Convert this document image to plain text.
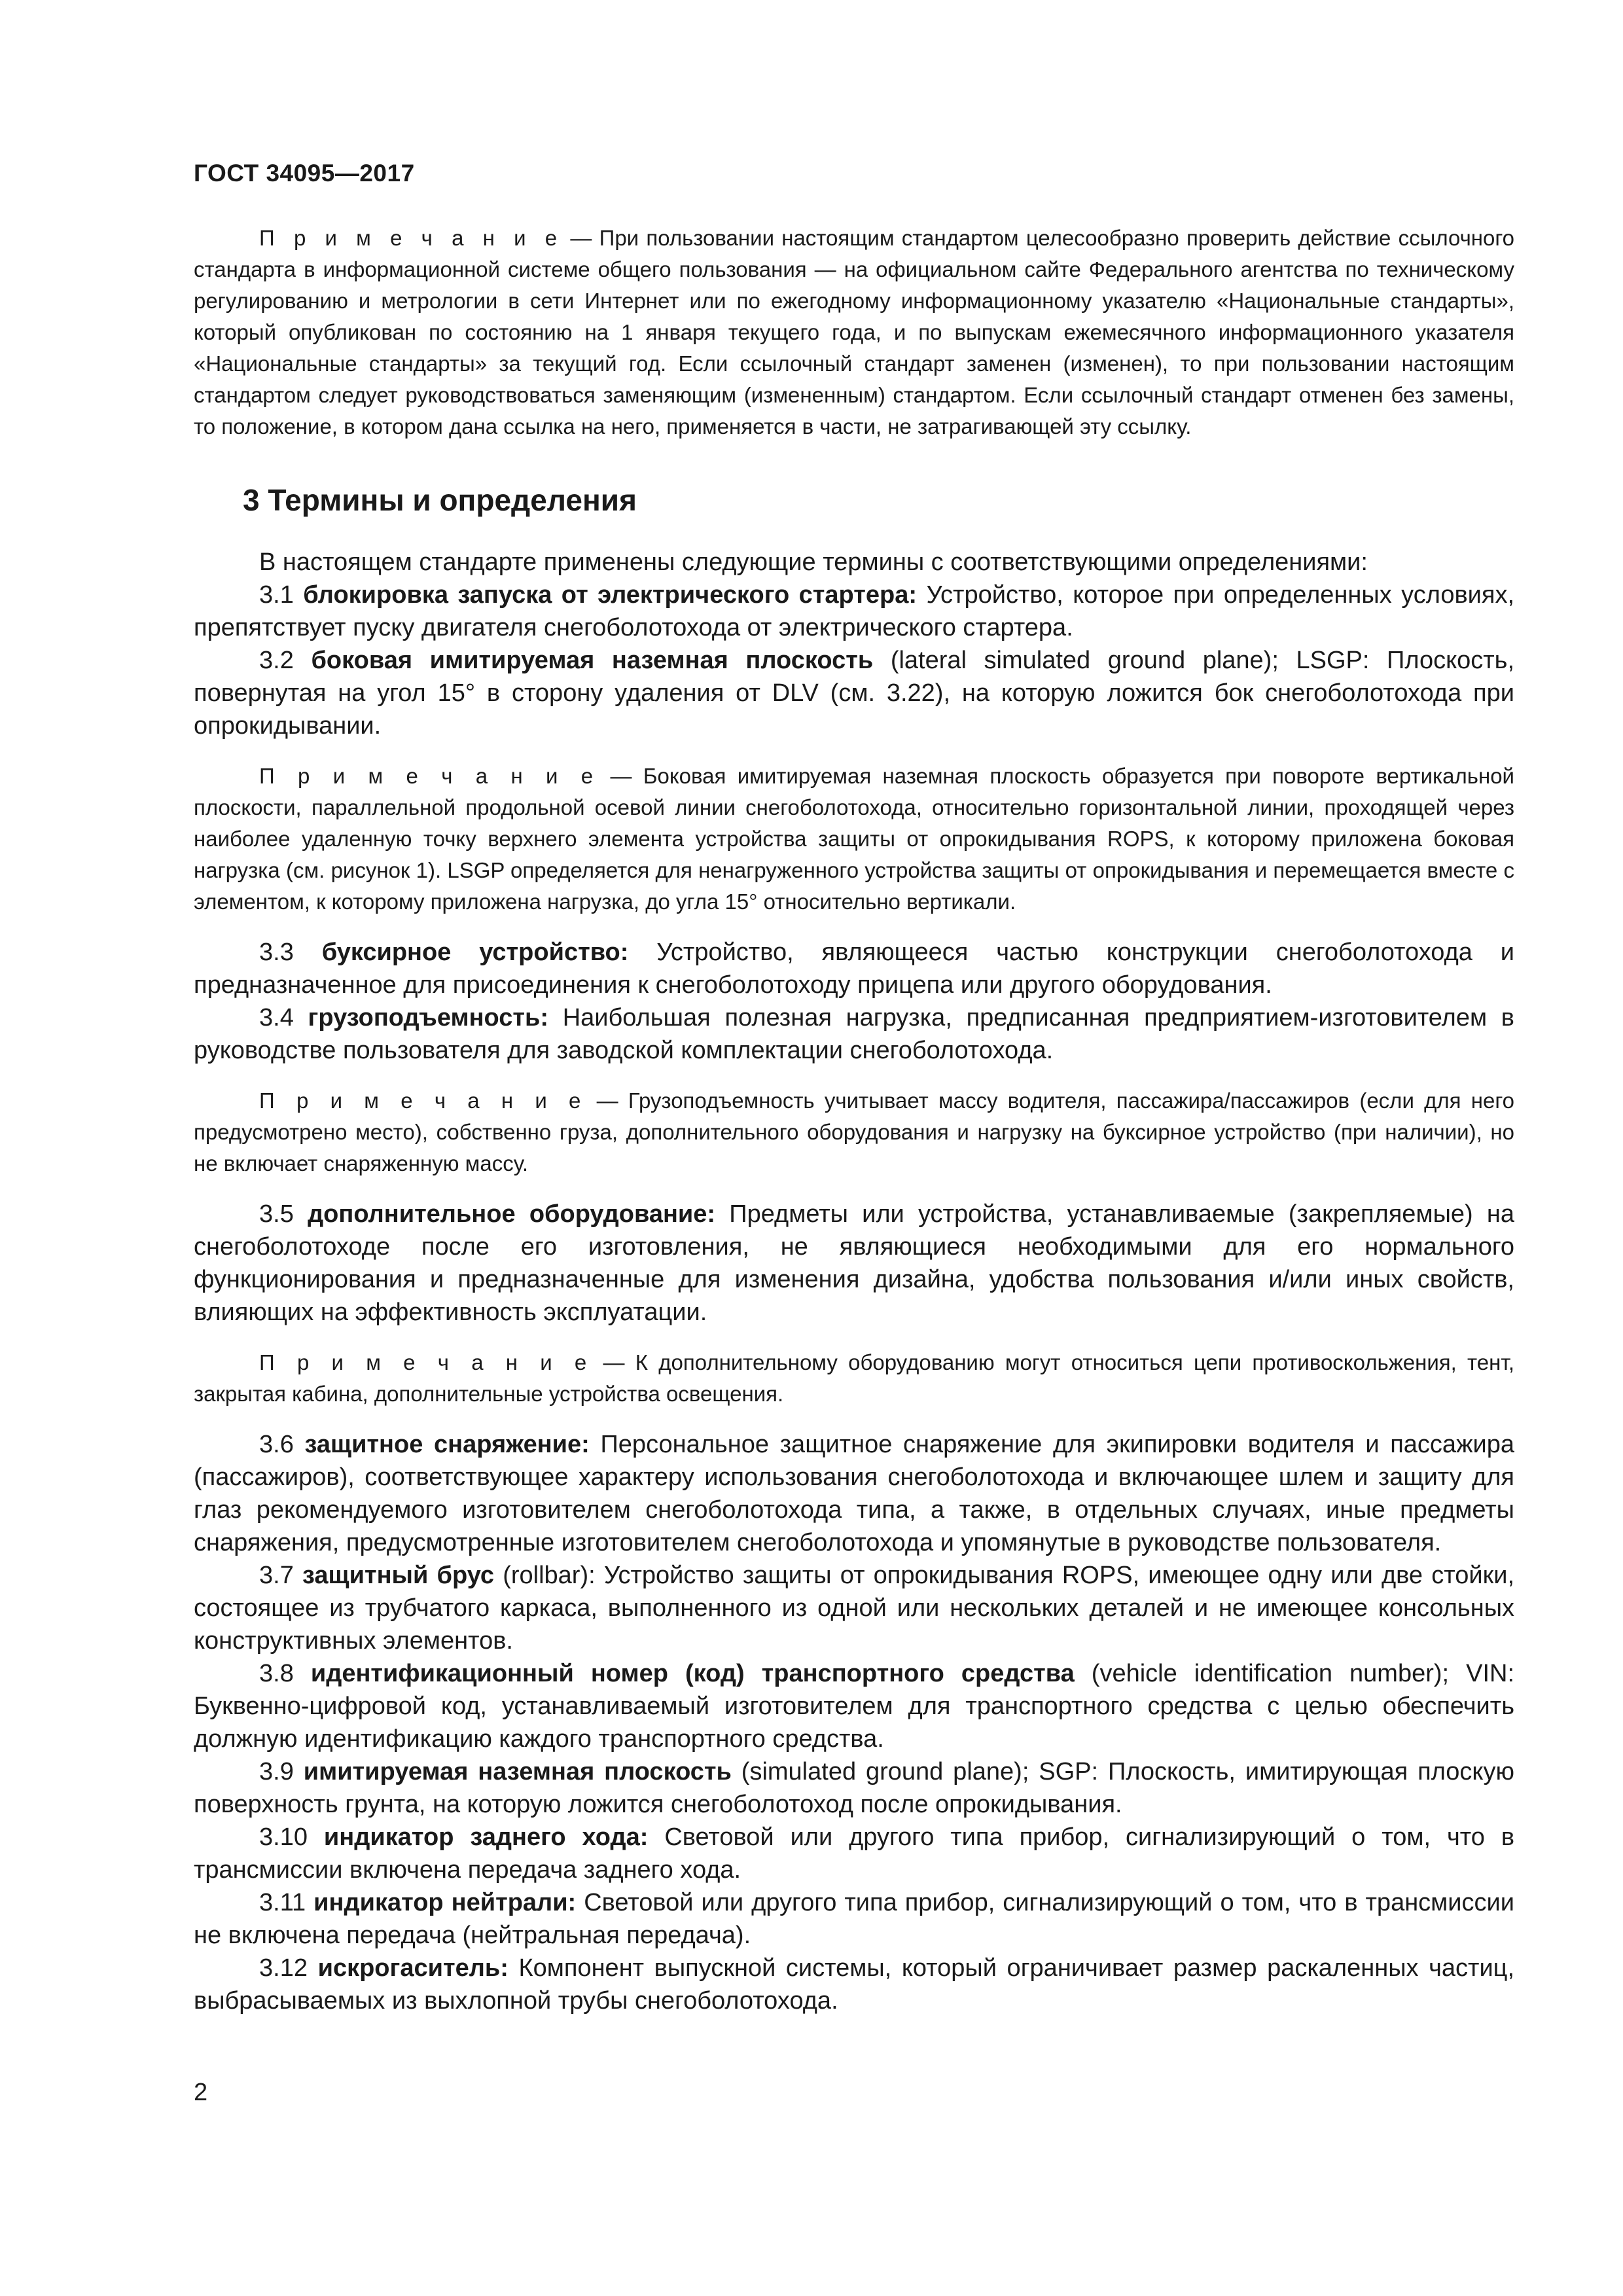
ГОСТ 34095—2017

П р и м е ч а н и е — При пользовании настоящим стандартом целесообразно проверить действие ссылочного стандарта в информационной системе общего пользования — на официальном сайте Федерального агентства по техническому регулированию и метрологии в сети Интернет или по ежегодному информационному указателю «Национальные стандарты», который опубликован по состоянию на 1 января текущего года, и по выпускам ежемесячного информационного указателя «Национальные стандарты» за текущий год. Если ссылочный стандарт заменен (изменен), то при пользовании настоящим стандартом следует руководствоваться заменяющим (измененным) стандартом. Если ссылочный стандарт отменен без замены, то положение, в котором дана ссылка на него, применяется в части, не затрагивающей эту ссылку.

3 Термины и определения

В настоящем стандарте применены следующие термины с соответствующими определениями:

3.1 блокировка запуска от электрического стартера: Устройство, которое при определенных условиях, препятствует пуску двигателя снегоболотохода от электрического стартера.

3.2 боковая имитируемая наземная плоскость (lateral simulated ground plane); LSGP: Плоскость, повернутая на угол 15° в сторону удаления от DLV (см. 3.22), на которую ложится бок снегоболотохода при опрокидывании.

П р и м е ч а н и е — Боковая имитируемая наземная плоскость образуется при повороте вертикальной плоскости, параллельной продольной осевой линии снегоболотохода, относительно горизонтальной линии, проходящей через наиболее удаленную точку верхнего элемента устройства защиты от опрокидывания ROPS, к которому приложена боковая нагрузка (см. рисунок 1). LSGP определяется для ненагруженного устройства защиты от опрокидывания и перемещается вместе с элементом, к которому приложена нагрузка, до угла 15° относительно вертикали.

3.3 буксирное устройство: Устройство, являющееся частью конструкции снегоболотохода и предназначенное для присоединения к снегоболотоходу прицепа или другого оборудования.

3.4 грузоподъемность: Наибольшая полезная нагрузка, предписанная предприятием-изготовителем в руководстве пользователя для заводской комплектации снегоболотохода.

П р и м е ч а н и е — Грузоподъемность учитывает массу водителя, пассажира/пассажиров (если для него предусмотрено место), собственно груза, дополнительного оборудования и нагрузку на буксирное устройство (при наличии), но не включает снаряженную массу.

3.5 дополнительное оборудование: Предметы или устройства, устанавливаемые (закрепляемые) на снегоболотоходе после его изготовления, не являющиеся необходимыми для его нормального функционирования и предназначенные для изменения дизайна, удобства пользования и/или иных свойств, влияющих на эффективность эксплуатации.

П р и м е ч а н и е — К дополнительному оборудованию могут относиться цепи противоскольжения, тент, закрытая кабина, дополнительные устройства освещения.

3.6 защитное снаряжение: Персональное защитное снаряжение для экипировки водителя и пассажира (пассажиров), соответствующее характеру использования снегоболотохода и включающее шлем и защиту для глаз рекомендуемого изготовителем снегоболотохода типа, а также, в отдельных случаях, иные предметы снаряжения, предусмотренные изготовителем снегоболотохода и упомянутые в руководстве пользователя.

3.7 защитный брус (rollbar): Устройство защиты от опрокидывания ROPS, имеющее одну или две стойки, состоящее из трубчатого каркаса, выполненного из одной или нескольких деталей и не имеющее консольных конструктивных элементов.

3.8 идентификационный номер (код) транспортного средства (vehicle identification number); VIN: Буквенно-цифровой код, устанавливаемый изготовителем для транспортного средства с целью обеспечить должную идентификацию каждого транспортного средства.

3.9 имитируемая наземная плоскость (simulated ground plane); SGP: Плоскость, имитирующая плоскую поверхность грунта, на которую ложится снегоболотоход после опрокидывания.

3.10 индикатор заднего хода: Световой или другого типа прибор, сигнализирующий о том, что в трансмиссии включена передача заднего хода.

3.11 индикатор нейтрали: Световой или другого типа прибор, сигнализирующий о том, что в трансмиссии не включена передача (нейтральная передача).

3.12 искрогаситель: Компонент выпускной системы, который ограничивает размер раскаленных частиц, выбрасываемых из выхлопной трубы снегоболотохода.

2
